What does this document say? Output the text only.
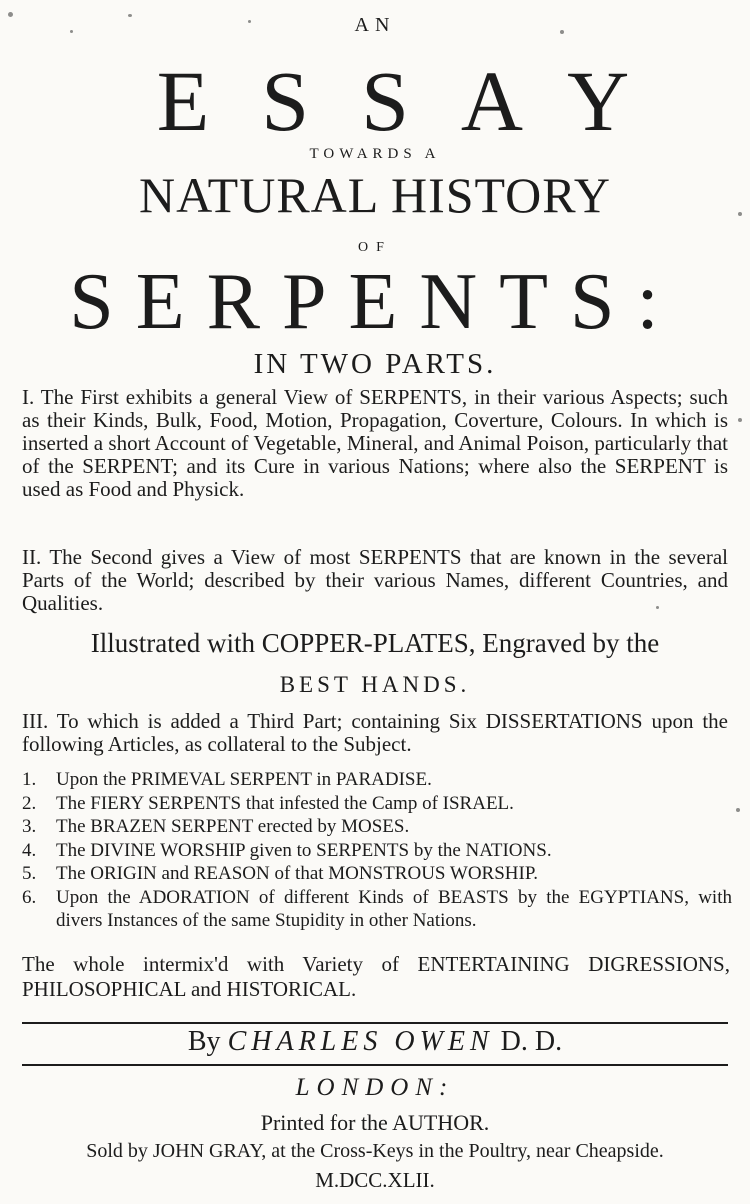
AN
ESSAY
TOWARDS A
NATURAL HISTORY
OF
SERPENTS:
IN TWO PARTS.
I. The First exhibits a general View of SERPENTS, in their various Aspects; such as their Kinds, Bulk, Food, Motion, Propagation, Coverture, Colours. In which is inserted a short Account of Vegetable, Mineral, and Animal Poison, particularly that of the SERPENT; and its Cure in various Nations; where also the SERPENT is used as Food and Physick.
II. The Second gives a View of most SERPENTS that are known in the several Parts of the World; described by their various Names, different Countries, and Qualities.
Illustrated with COPPER-PLATES, Engraved by the
BEST HANDS.
III. To which is added a Third Part; containing Six DISSERTATIONS upon the following Articles, as collateral to the Subject.
1.	Upon the PRIMEVAL SERPENT in PARADISE.
2.	The FIERY SERPENTS that infested the Camp of ISRAEL.
3.	The BRAZEN SERPENT erected by MOSES.
4.	The DIVINE WORSHIP given to SERPENTS by the NATIONS.
5.	The ORIGIN and REASON of that MONSTROUS WORSHIP.
6.	Upon the ADORATION of different Kinds of BEASTS by the EGYPTIANS, with divers Instances of the same Stupidity in other Nations.
The whole intermix'd with Variety of ENTERTAINING DIGRESSIONS, PHILOSOPHICAL and HISTORICAL.
By CHARLES OWEN D. D.
LONDON:
Printed for the AUTHOR.
Sold by JOHN GRAY, at the Cross-Keys in the Poultry, near Cheapside.
M.DCC.XLII.
